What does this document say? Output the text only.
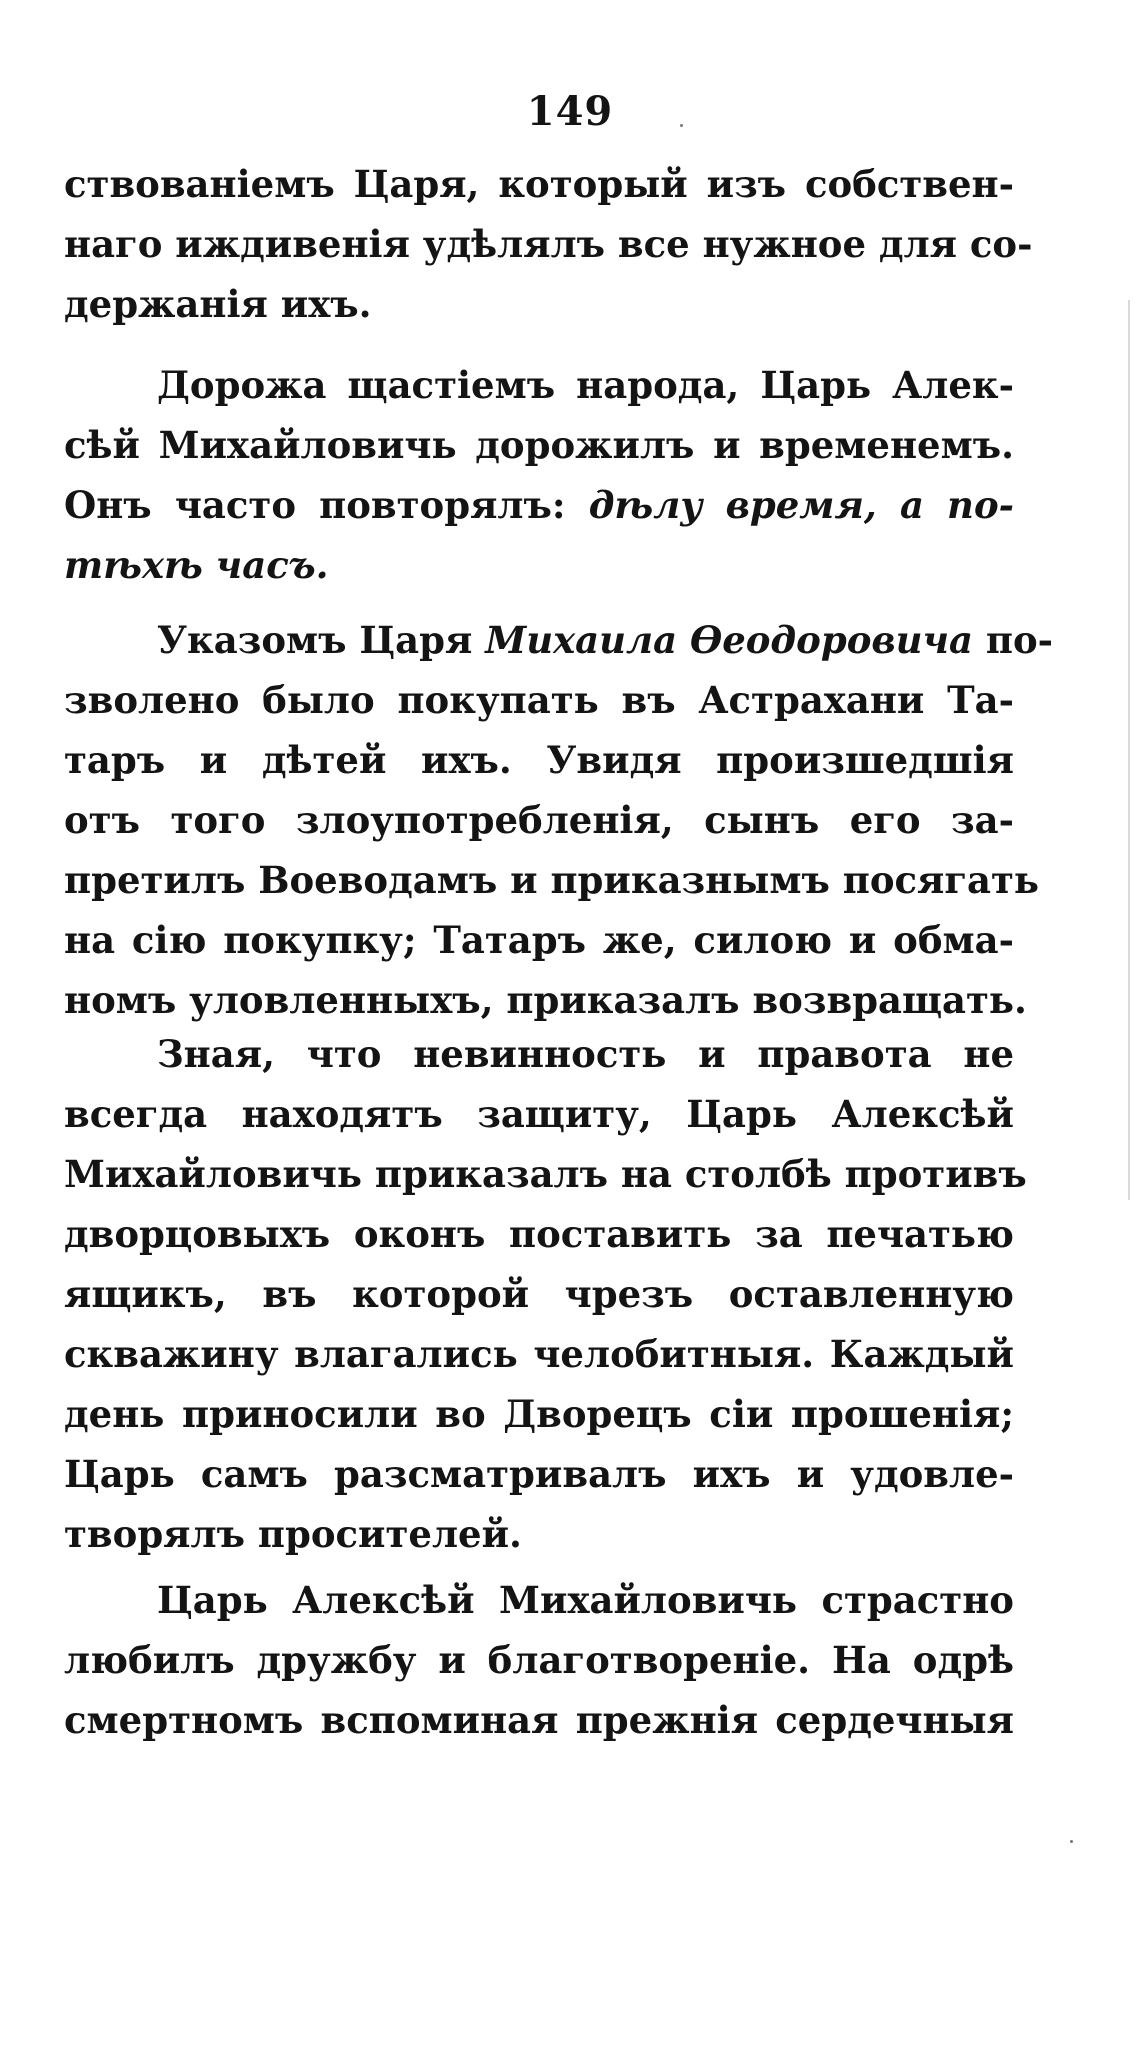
149
ствованіемъ Царя, который изъ собствен-
наго иждивенія удѣлялъ все нужное для со-
держанія ихъ.
Дорожа щастіемъ народа, Царь Алек-
сѣй Михайловичь дорожилъ и временемъ.
Онъ часто повторялъ: дѣлу время, а по-
тѣхѣ часъ.
Указомъ Царя Михаила Ѳеодоровича по-
зволено было покупать въ Астрахани Та-
таръ и дѣтей ихъ. Увидя произшедшія
отъ того злоупотребленія, сынъ его за-
претилъ Воеводамъ и приказнымъ посягать
на сію покупку; Татаръ же, силою и обма-
номъ уловленныхъ, приказалъ возвращать.
Зная, что невинность и правота не
всегда находятъ защиту, Царь Алексѣй
Михайловичь приказалъ на столбѣ противъ
дворцовыхъ оконъ поставить за печатью
ящикъ, въ которой чрезъ оставленную
скважину влагались челобитныя. Каждый
день приносили во Дворецъ сіи прошенія;
Царь самъ разсматривалъ ихъ и удовле-
творялъ просителей.
Царь Алексѣй Михайловичь страстно
любилъ дружбу и благотвореніе. На одрѣ
смертномъ вспоминая прежнія сердечныя
